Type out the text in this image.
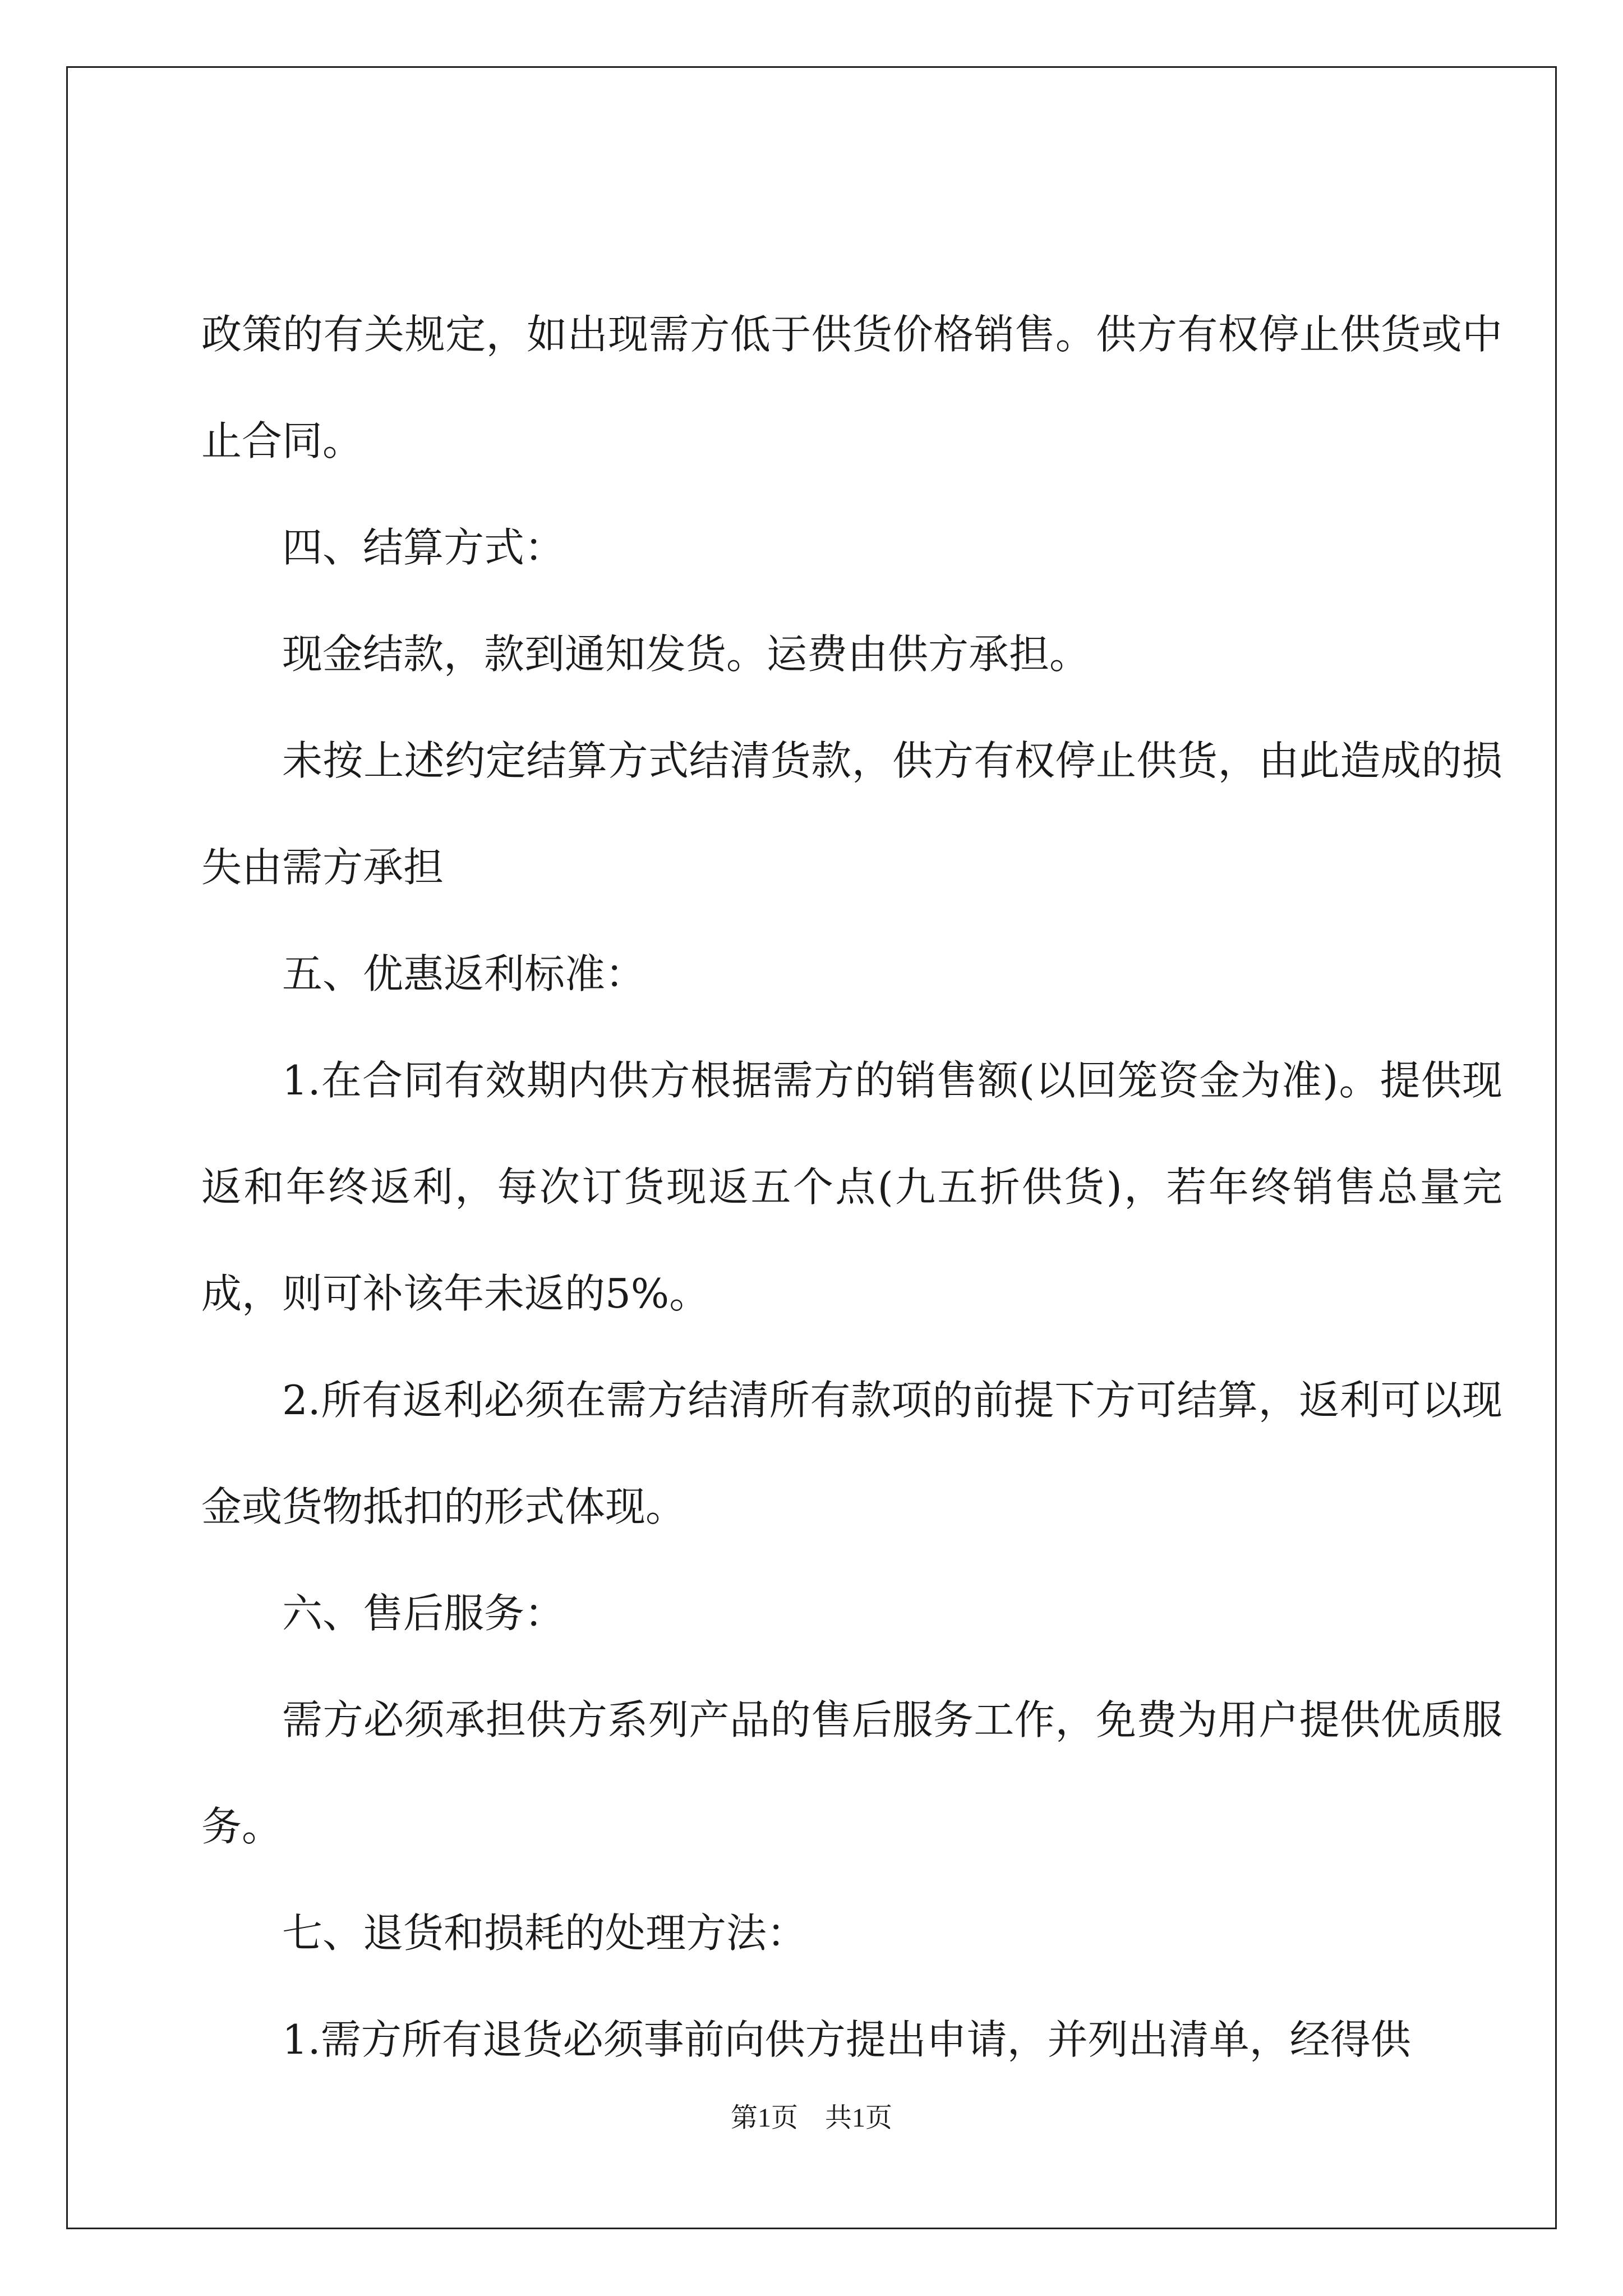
政策的有关规定，如出现需方低于供货价格销售。供方有权停止供货或中止合同。

四、结算方式：

现金结款，款到通知发货。运费由供方承担。

未按上述约定结算方式结清货款，供方有权停止供货，由此造成的损失由需方承担

五、优惠返利标准：

1.在合同有效期内供方根据需方的销售额(以回笼资金为准)。提供现返和年终返利，每次订货现返五个点(九五折供货)，若年终销售总量完成，则可补该年未返的5%。

2.所有返利必须在需方结清所有款项的前提下方可结算，返利可以现金或货物抵扣的形式体现。

六、售后服务：

需方必须承担供方系列产品的售后服务工作，免费为用户提供优质服务。

七、退货和损耗的处理方法：

1.需方所有退货必须事前向供方提出申请，并列出清单，经得供

第1页　共1页
